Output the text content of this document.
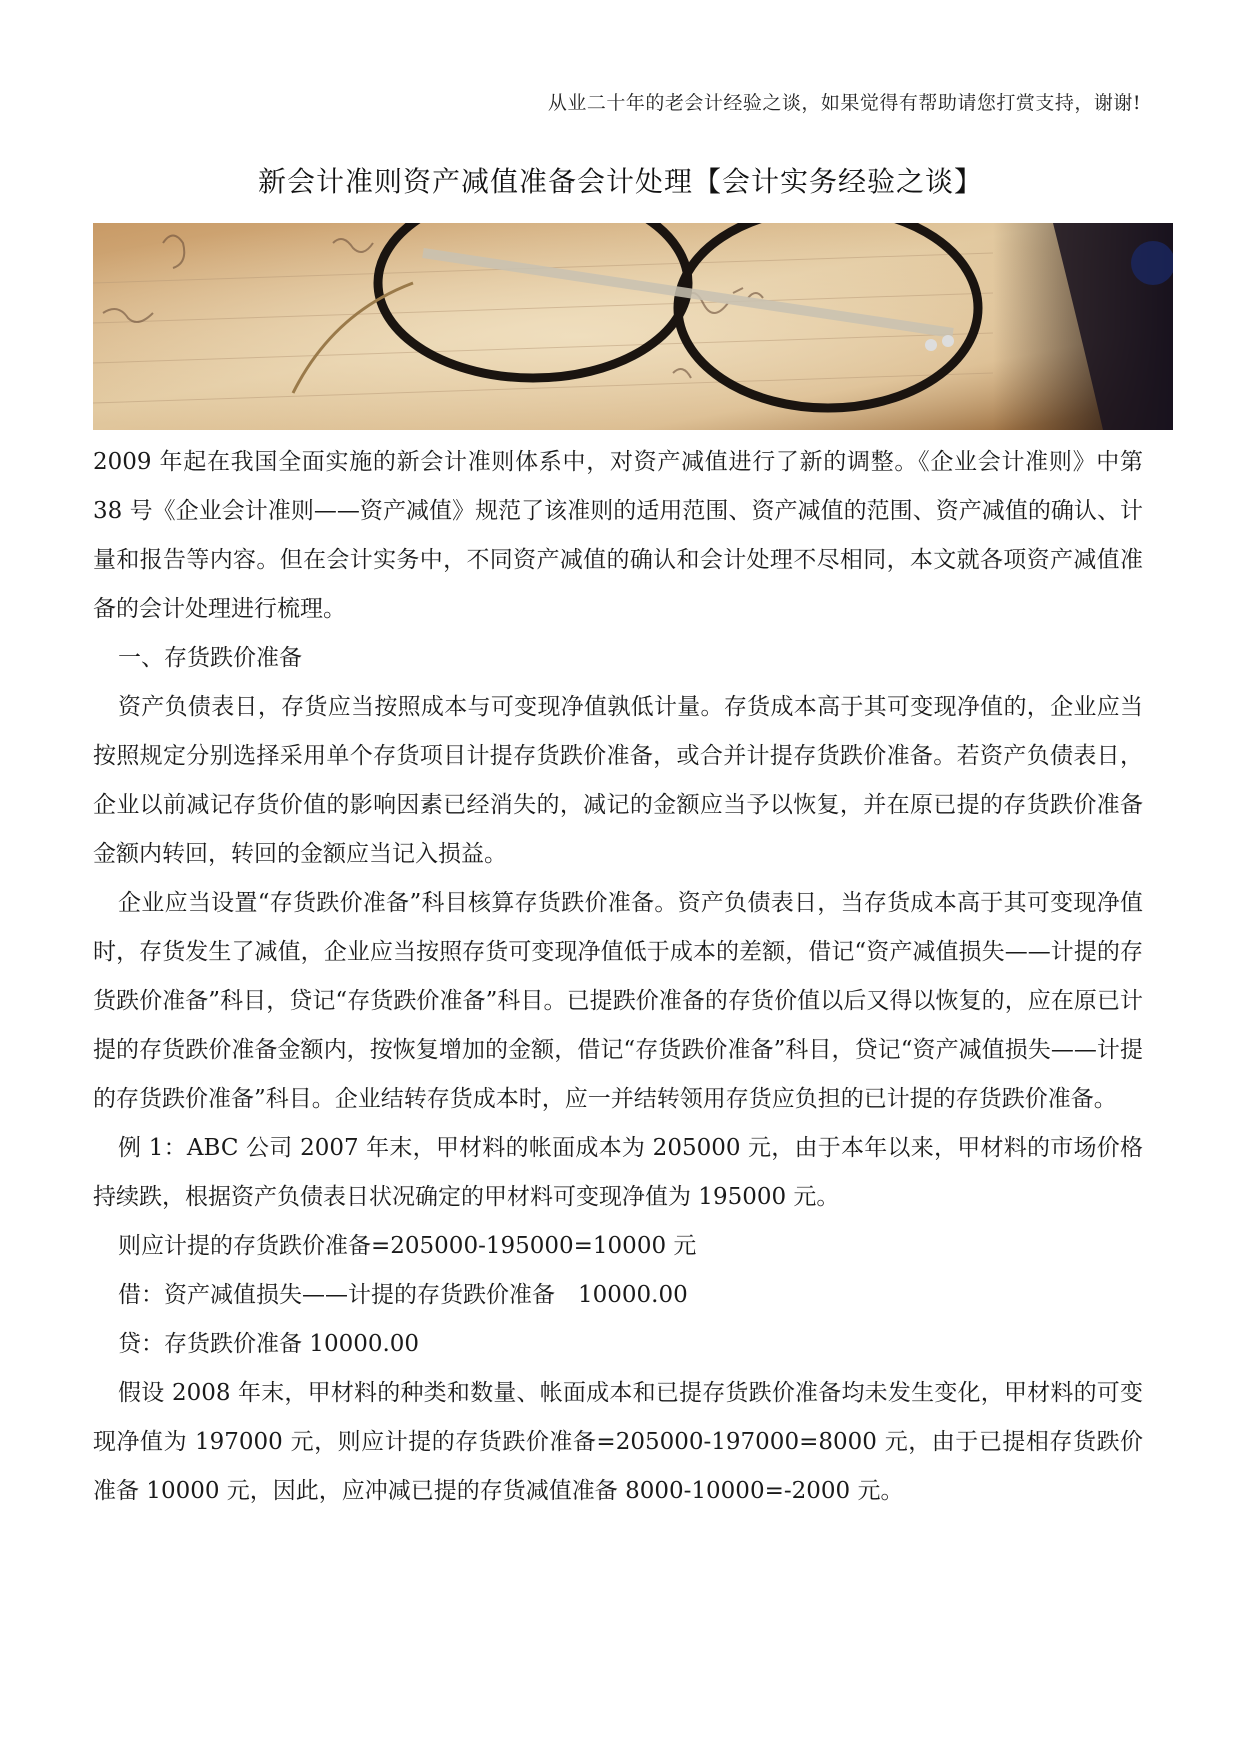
从业二十年的老会计经验之谈，如果觉得有帮助请您打赏支持，谢谢!
新会计准则资产减值准备会计处理【会计实务经验之谈】

2009 年起在我国全面实施的新会计准则体系中，对资产减值进行了新的调整。《企业会计准则》中第 38 号《企业会计准则——资产减值》规范了该准则的适用范围、资产减值的范围、资产减值的确认、计量和报告等内容。但在会计实务中，不同资产减值的确认和会计处理不尽相同，本文就各项资产减值准备的会计处理进行梳理。

一、存货跌价准备

资产负债表日，存货应当按照成本与可变现净值孰低计量。存货成本高于其可变现净值的，企业应当按照规定分别选择采用单个存货项目计提存货跌价准备，或合并计提存货跌价准备。若资产负债表日，企业以前减记存货价值的影响因素已经消失的，减记的金额应当予以恢复，并在原已提的存货跌价准备金额内转回，转回的金额应当记入损益。

企业应当设置“存货跌价准备”科目核算存货跌价准备。资产负债表日，当存货成本高于其可变现净值时，存货发生了减值，企业应当按照存货可变现净值低于成本的差额，借记“资产减值损失——计提的存货跌价准备”科目，贷记“存货跌价准备”科目。已提跌价准备的存货价值以后又得以恢复的，应在原已计提的存货跌价准备金额内，按恢复增加的金额，借记“存货跌价准备”科目，贷记“资产减值损失——计提的存货跌价准备”科目。企业结转存货成本时，应一并结转领用存货应负担的已计提的存货跌价准备。

例 1：ABC 公司 2007 年末，甲材料的帐面成本为 205000 元，由于本年以来，甲材料的市场价格持续跌，根据资产负债表日状况确定的甲材料可变现净值为 195000 元。

则应计提的存货跌价准备=205000-195000=10000 元

借：资产减值损失——计提的存货跌价准备　10000.00

贷：存货跌价准备 10000.00

假设 2008 年末，甲材料的种类和数量、帐面成本和已提存货跌价准备均未发生变化，甲材料的可变现净值为 197000 元，则应计提的存货跌价准备=205000-197000=8000 元，由于已提相存货跌价准备 10000 元，因此，应冲减已提的存货减值准备 8000-10000=-2000 元。
